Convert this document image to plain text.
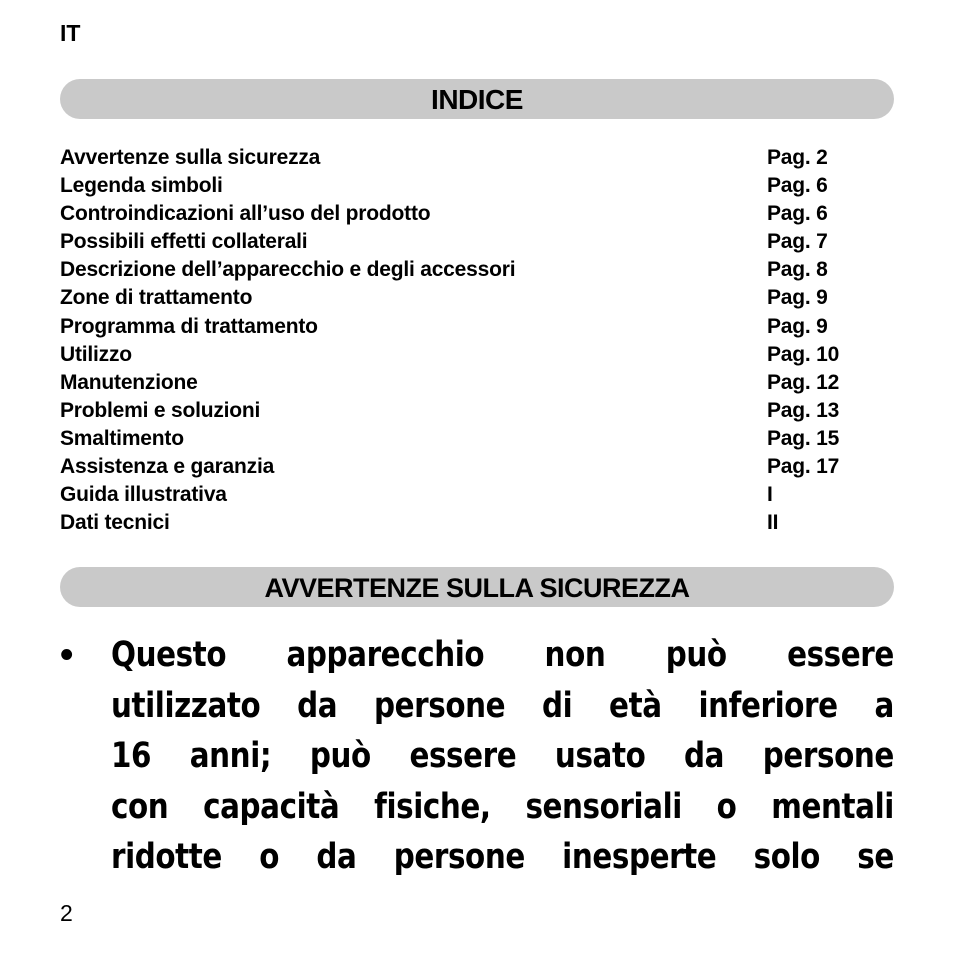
IT
INDICE
Avvertenze sulla sicurezza	Pag. 2
Legenda simboli	Pag. 6
Controindicazioni all’uso del prodotto	Pag. 6
Possibili effetti collaterali	Pag. 7
Descrizione dell’apparecchio e degli accessori	Pag. 8
Zone di trattamento	Pag. 9
Programma di trattamento	Pag. 9
Utilizzo	Pag. 10
Manutenzione	Pag. 12
Problemi e soluzioni	Pag. 13
Smaltimento	Pag. 15
Assistenza e garanzia	Pag. 17
Guida illustrativa	I
Dati tecnici	II
AVVERTENZE SULLA SICUREZZA
• Questo apparecchio non può essere
utilizzato da persone di età inferiore a
16 anni; può essere usato da persone
con capacità fisiche, sensoriali o mentali
ridotte o da persone inesperte solo se
2
